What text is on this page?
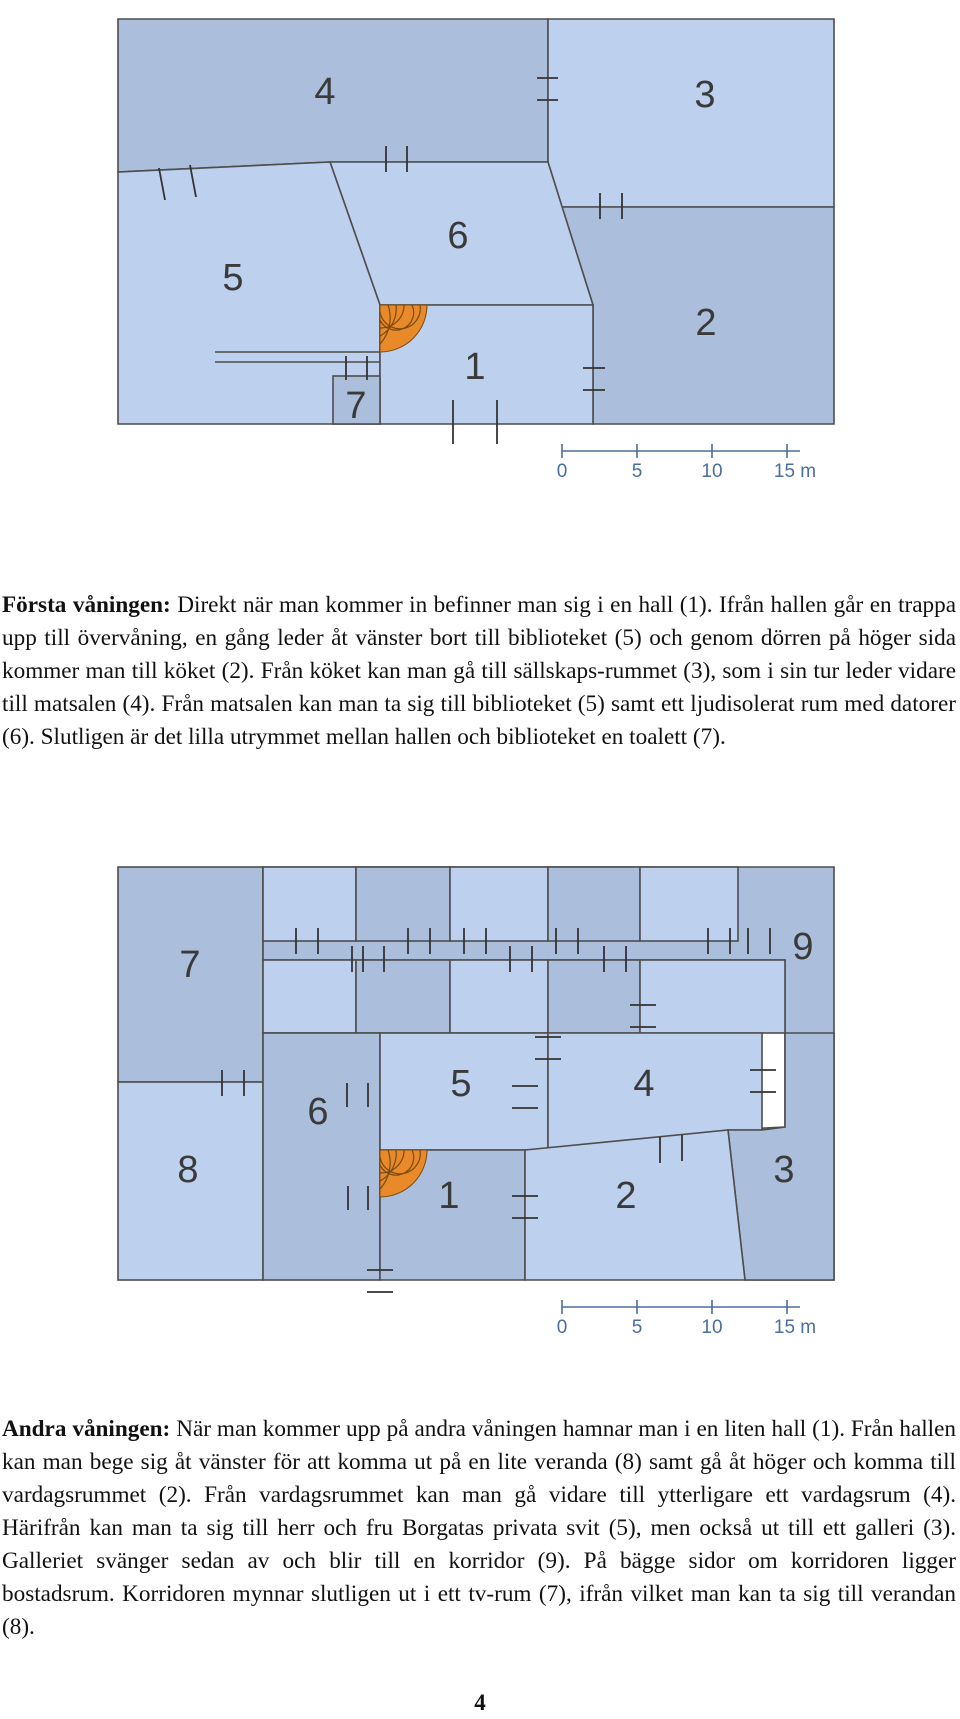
4	3
6
5
2
1
7
0	5	10	15 m

Första våningen: Direkt när man kommer in befinner man sig i en hall (1). Ifrån hallen går en trappa upp till övervåning, en gång leder åt vänster bort till biblioteket (5) och genom dörren på höger sida kommer man till köket (2). Från köket kan man gå till sällskaps-rummet (3), som i sin tur leder vidare till matsalen (4). Från matsalen kan man ta sig till biblioteket (5) samt ett ljudisolerat rum med datorer (6). Slutligen är det lilla utrymmet mellan hallen och biblioteket en toalett (7).

7	9
5	4
6
8	3
1	2
0	5	10	15 m

Andra våningen: När man kommer upp på andra våningen hamnar man i en liten hall (1). Från hallen kan man bege sig åt vänster för att komma ut på en lite veranda (8) samt gå åt höger och komma till vardagsrummet (2). Från vardagsrummet kan man gå vidare till ytterligare ett vardagsrum (4). Härifrån kan man ta sig till herr och fru Borgatas privata svit (5), men också ut till ett galleri (3). Galleriet svänger sedan av och blir till en korridor (9). På bägge sidor om korridoren ligger bostadsrum. Korridoren mynnar slutligen ut i ett tv-rum (7), ifrån vilket man kan ta sig till verandan (8).

4
